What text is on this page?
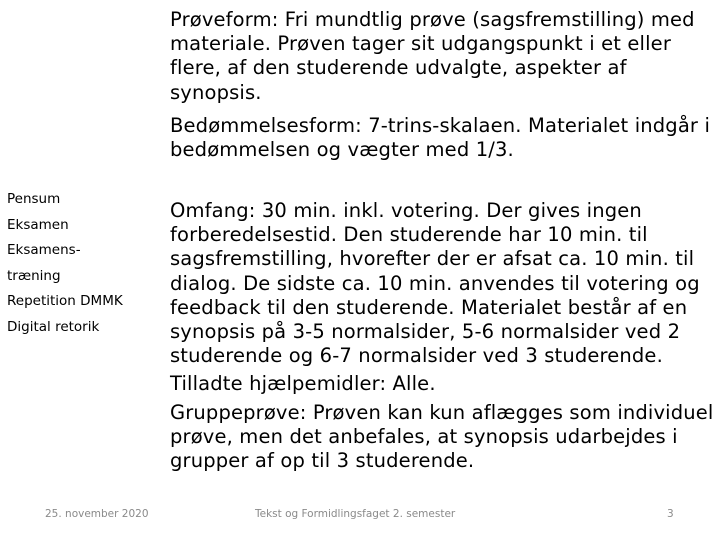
Prøveform: Fri mundtlig prøve (sagsfremstilling) med materiale. Prøven tager sit udgangspunkt i et eller flere, af den studerende udvalgte, aspekter af synopsis.

Bedømmelsesform: 7-trins-skalaen. Materialet indgår i bedømmelsen og vægter med 1/3.

Pensum
Eksamen
Eksamens-
træning
Repetition DMMK
Digital retorik

Omfang: 30 min. inkl. votering. Der gives ingen forberedelsestid. Den studerende har 10 min. til sagsfremstilling, hvorefter der er afsat ca. 10 min. til dialog. De sidste ca. 10 min. anvendes til votering og feedback til den studerende. Materialet består af en synopsis på 3-5 normalsider, 5-6 normalsider ved 2 studerende og 6-7 normalsider ved 3 studerende.

Tilladte hjælpemidler: Alle.

Gruppeprøve: Prøven kan kun aflægges som individuel prøve, men det anbefales, at synopsis udarbejdes i grupper af op til 3 studerende.

25. november 2020	Tekst og Formidlingsfaget 2. semester	3
